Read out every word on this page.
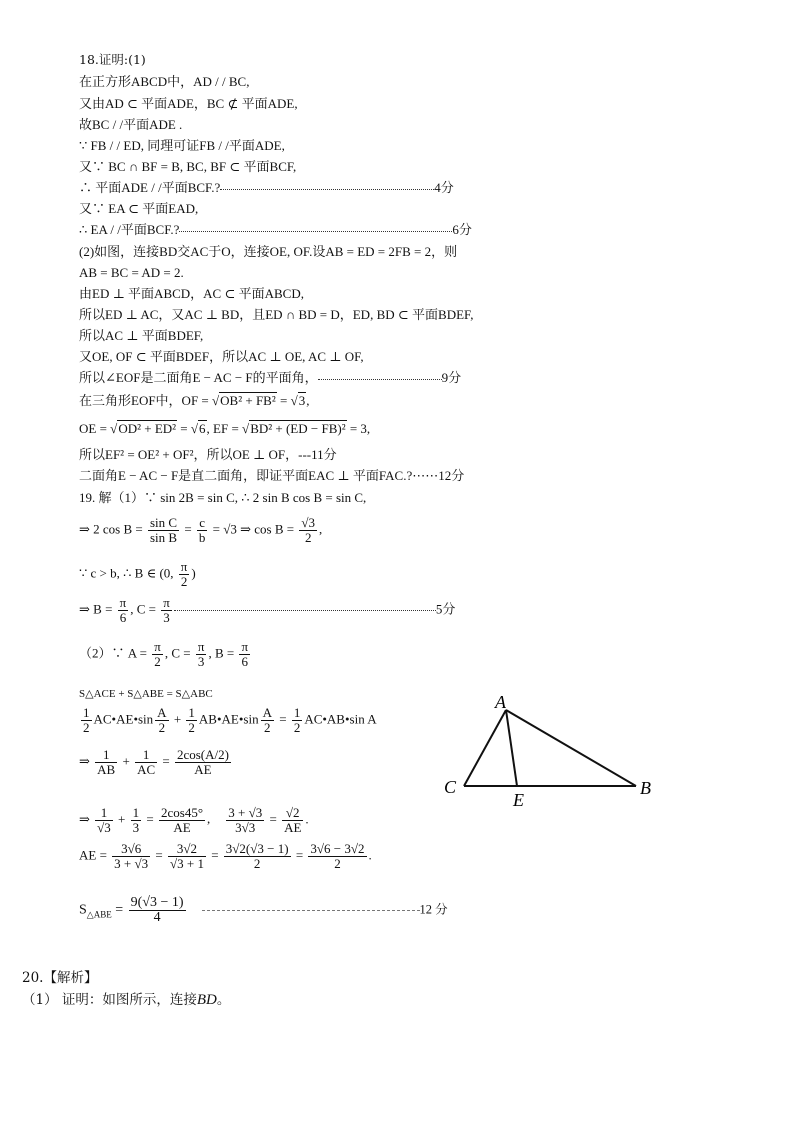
18.证明:(1)
在正方形ABCD中，AD / / BC,
又由AD ⊂ 平面ADE，BC ⊄ 平面ADE,
故BC / /平面ADE .
∵ FB / / ED, 同理可证FB / /平面ADE,
又∵ BC ∩ BF = B, BC, BF ⊂ 平面BCF,
∴ 平面ADE / /平面BCF.?	4分
又∵ EA ⊂ 平面EAD,
∴ EA / /平面BCF.?	6分
(2)如图，连接BD交AC于O，连接OE, OF.设AB = ED = 2FB = 2，则
AB = BC = AD = 2.
由ED ⊥ 平面ABCD，AC ⊂ 平面ABCD,
所以ED ⊥ AC，又AC ⊥ BD，且ED ∩ BD = D，ED, BD ⊂ 平面BDEF,
所以AC ⊥ 平面BDEF,
又OE, OF ⊂ 平面BDEF，所以AC ⊥ OE, AC ⊥ OF,
所以∠EOF是二面角E − AC − F的平面角，	9分
在三角形EOF中，OF = √OB² + FB² = √3,
OE = √OD² + ED² = √6, EF = √BD² + (ED − FB)² = 3,
所以EF² = OE² + OF²，所以OE ⊥ OF，---11分
二面角E − AC − F是直二面角，即证平面EAC ⊥ 平面FAC.?⋯⋯12分
19. 解（1）∵ sin 2B = sin C, ∴ 2 sin B cos B = sin C,
⇒ 2 $\cos B = \frac{\text{sin C}}{\text{sin B}} = \frac{c}{b} = √3$ ⇒ $\cos B = \frac{√3}{2}$ ,
∵ c > b, ∴ B ∈ (0, $\frac{\pi}{2}$ )
⇒ $B = \frac{\pi}{6}$ , $C = \frac{\pi}{3}$	5分
（2）∵ $A = \frac{\pi}{2}$ , $C = \frac{\pi}{3}$ , $B = \frac{\pi}{6}$
S△ACE + S△ABE = S△ABC
$\frac{1}{2}$ AC•AE•sin $\frac{A}{2} + \frac{1}{2}$ AB•AE•sin $\frac{A}{2} = \frac{1}{2}$ AC•AB•sin A
⇒ $\frac{1}{AB} + \frac{1}{AC} = \frac{2\cos(A/2)}{AE}$
⇒ $\frac{1}{√3} + \frac{1}{3} = \frac{2\cos 45^\circ}{AE}$ , $\frac{3 + √3}{3√3} = \frac{√2}{AE}$ .
AE = $\frac{3√6}{3 + √3} = \frac{3√2}{√3 + 1} = \frac{3√2(√3 - 1)}{2} = \frac{3√6 - 3√2}{2}$ .
$S_{\triangle ABE} = \frac{9(√3 - 1)}{4}$	12 分
A
B
C
E
20.【解析】
（1） 证明：如图所示，连接BD。
